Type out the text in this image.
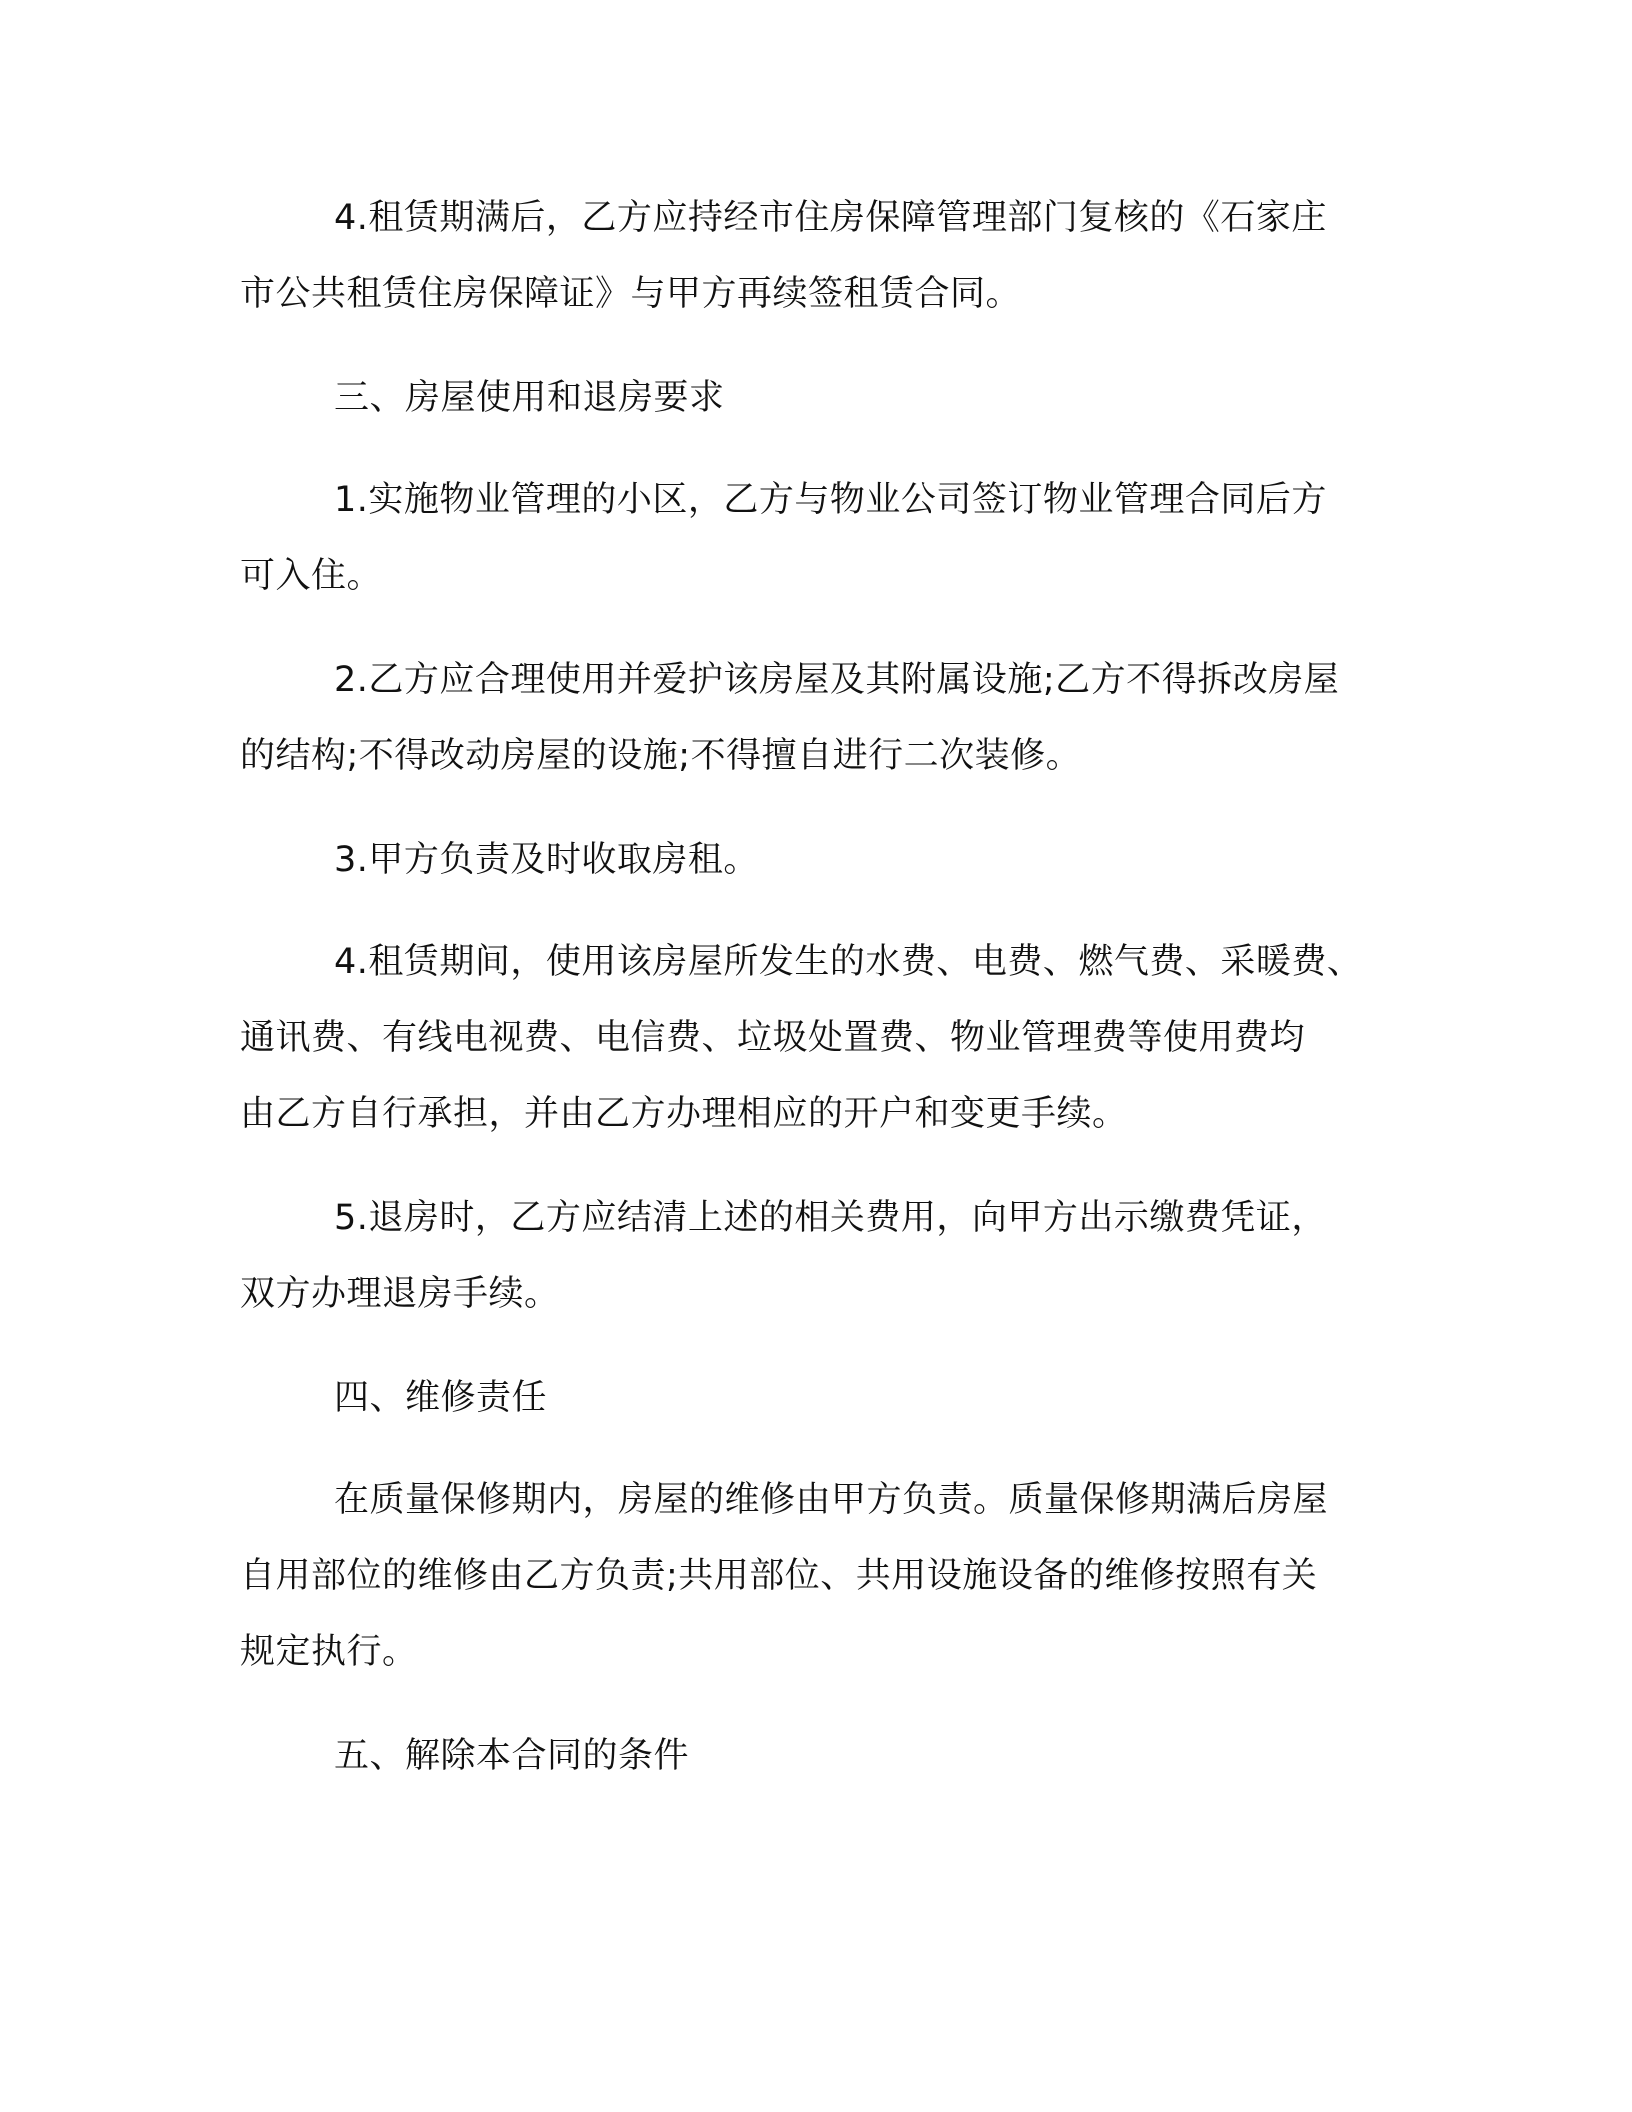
4.租赁期满后，乙方应持经市住房保障管理部门复核的《石家庄
市公共租赁住房保障证》与甲方再续签租赁合同。
三、房屋使用和退房要求
1.实施物业管理的小区，乙方与物业公司签订物业管理合同后方
可入住。
2.乙方应合理使用并爱护该房屋及其附属设施;乙方不得拆改房屋
的结构;不得改动房屋的设施;不得擅自进行二次装修。
3.甲方负责及时收取房租。
4.租赁期间，使用该房屋所发生的水费、电费、燃气费、采暖费、
通讯费、有线电视费、电信费、垃圾处置费、物业管理费等使用费均
由乙方自行承担，并由乙方办理相应的开户和变更手续。
5.退房时，乙方应结清上述的相关费用，向甲方出示缴费凭证，
双方办理退房手续。
四、维修责任
在质量保修期内，房屋的维修由甲方负责。质量保修期满后房屋
自用部位的维修由乙方负责;共用部位、共用设施设备的维修按照有关
规定执行。
五、解除本合同的条件
